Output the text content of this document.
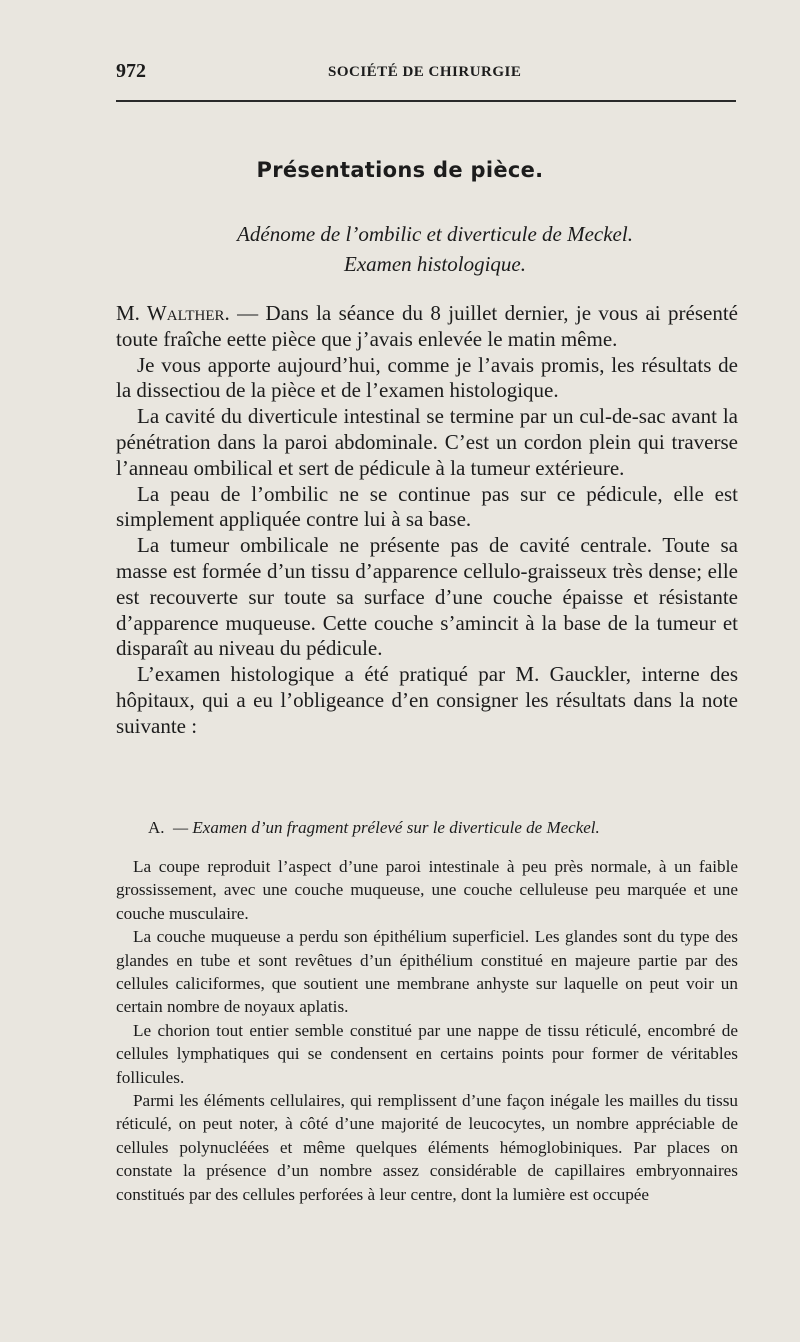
972	SOCIÉTÉ DE CHIRURGIE
Présentations de pièce.
Adénome de l’ombilic et diverticule de Meckel.
Examen histologique.

M. Walther. — Dans la séance du 8 juillet dernier, je vous ai présenté toute fraîche eette pièce que j’avais enlevée le matin même.

Je vous apporte aujourd’hui, comme je l’avais promis, les résultats de la dissectiou de la pièce et de l’examen histologique.

La cavité du diverticule intestinal se termine par un cul-de-sac avant la pénétration dans la paroi abdominale. C’est un cordon plein qui traverse l’anneau ombilical et sert de pédicule à la tumeur extérieure.

La peau de l’ombilic ne se continue pas sur ce pédicule, elle est simplement appliquée contre lui à sa base.

La tumeur ombilicale ne présente pas de cavité centrale. Toute sa masse est formée d’un tissu d’apparence cellulo-graisseux très dense; elle est recouverte sur toute sa surface d’une couche épaisse et résistante d’apparence muqueuse. Cette couche s’amincit à la base de la tumeur et disparaît au niveau du pédicule.

L’examen histologique a été pratiqué par M. Gauckler, interne des hôpitaux, qui a eu l’obligeance d’en consigner les résultats dans la note suivante :

A. — Examen d’un fragment prélevé sur le diverticule de Meckel.

La coupe reproduit l’aspect d’une paroi intestinale à peu près normale, à un faible grossissement, avec une couche muqueuse, une couche celluleuse peu marquée et une couche musculaire.

La couche muqueuse a perdu son épithélium superficiel. Les glandes sont du type des glandes en tube et sont revêtues d’un épithélium constitué en majeure partie par des cellules caliciformes, que soutient une membrane anhyste sur laquelle on peut voir un certain nombre de noyaux aplatis.

Le chorion tout entier semble constitué par une nappe de tissu réticulé, encombré de cellules lymphatiques qui se condensent en certains points pour former de véritables follicules.

Parmi les éléments cellulaires, qui remplissent d’une façon inégale les mailles du tissu réticulé, on peut noter, à côté d’une majorité de leucocytes, un nombre appréciable de cellules polynucléées et même quelques éléments hémoglobiniques. Par places on constate la présence d’un nombre assez considérable de capillaires embryonnaires constitués par des cellules perforées à leur centre, dont la lumière est occupée
